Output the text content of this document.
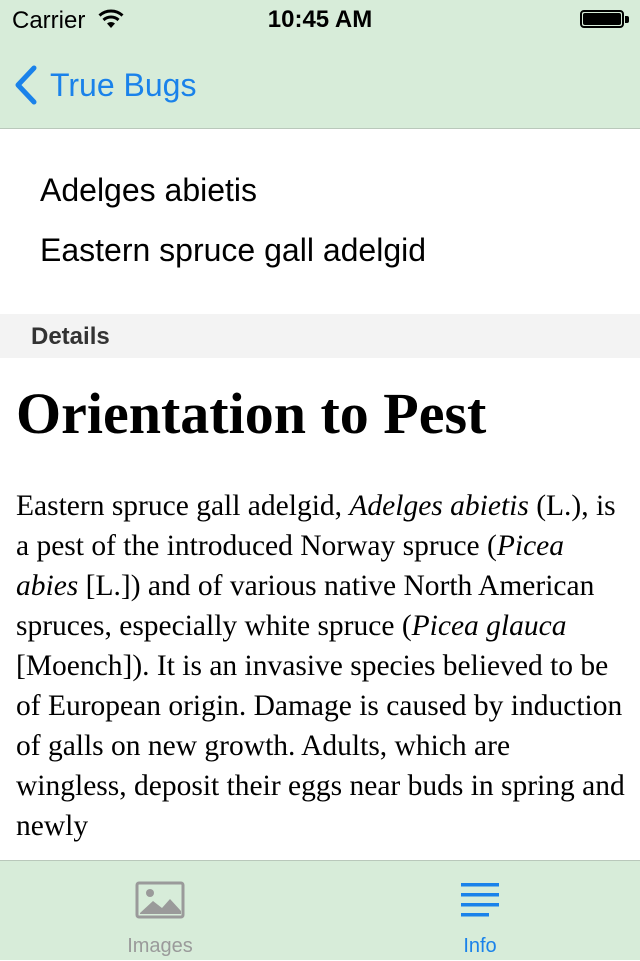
Carrier	10:45 AM
True Bugs
Adelges abietis
Eastern spruce gall adelgid
Details
Orientation to Pest

Eastern spruce gall adelgid, Adelges abietis (L.), is a pest of the introduced Norway spruce (Picea abies [L.]) and of various native North American spruces, especially white spruce (Picea glauca [Moench]). It is an invasive species believed to be of European origin. Damage is caused by induction of galls on new growth. Adults, which are wingless, deposit their eggs near buds in spring and newly

Images	Info
